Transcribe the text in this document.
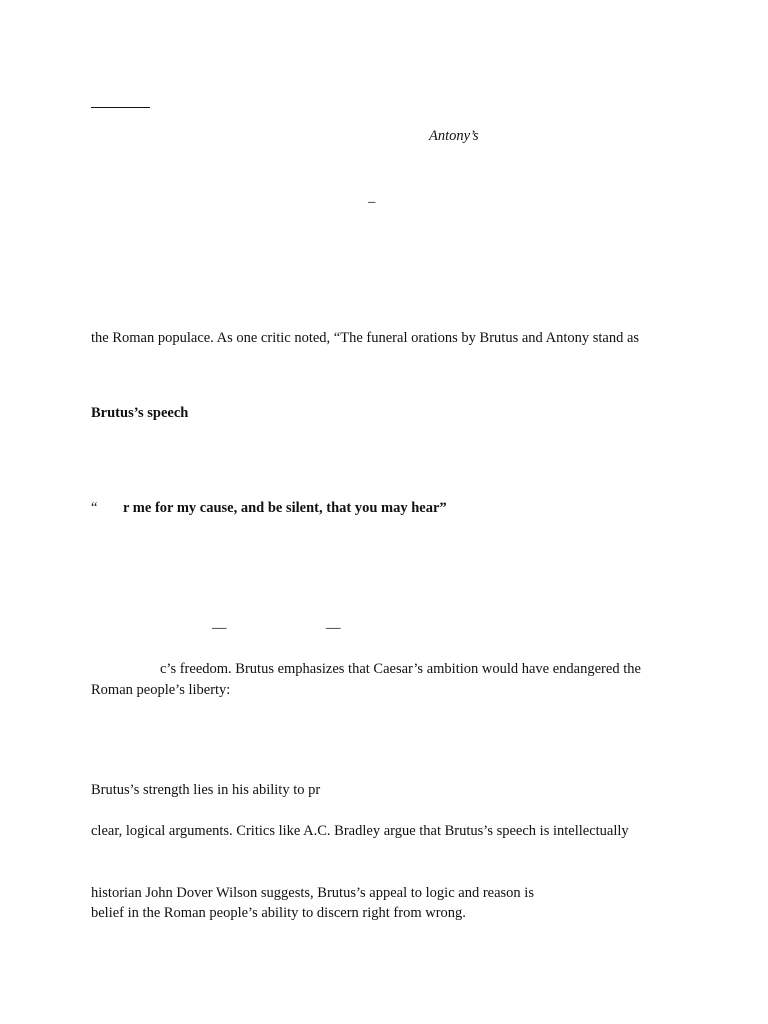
Antony’s
–
the Roman populace. As one critic noted, “The funeral orations by Brutus and Antony stand as
Brutus’s speech
“ r me for my cause, and be silent, that you may hear”
—	—
c’s freedom. Brutus emphasizes that Caesar’s ambition would have endangered the
Roman people’s liberty:
Brutus’s strength lies in his ability to pr
clear, logical arguments. Critics like A.C. Bradley argue that Brutus’s speech is intellectually
historian John Dover Wilson suggests, Brutus’s appeal to logic and reason is
belief in the Roman people’s ability to discern right from wrong.
